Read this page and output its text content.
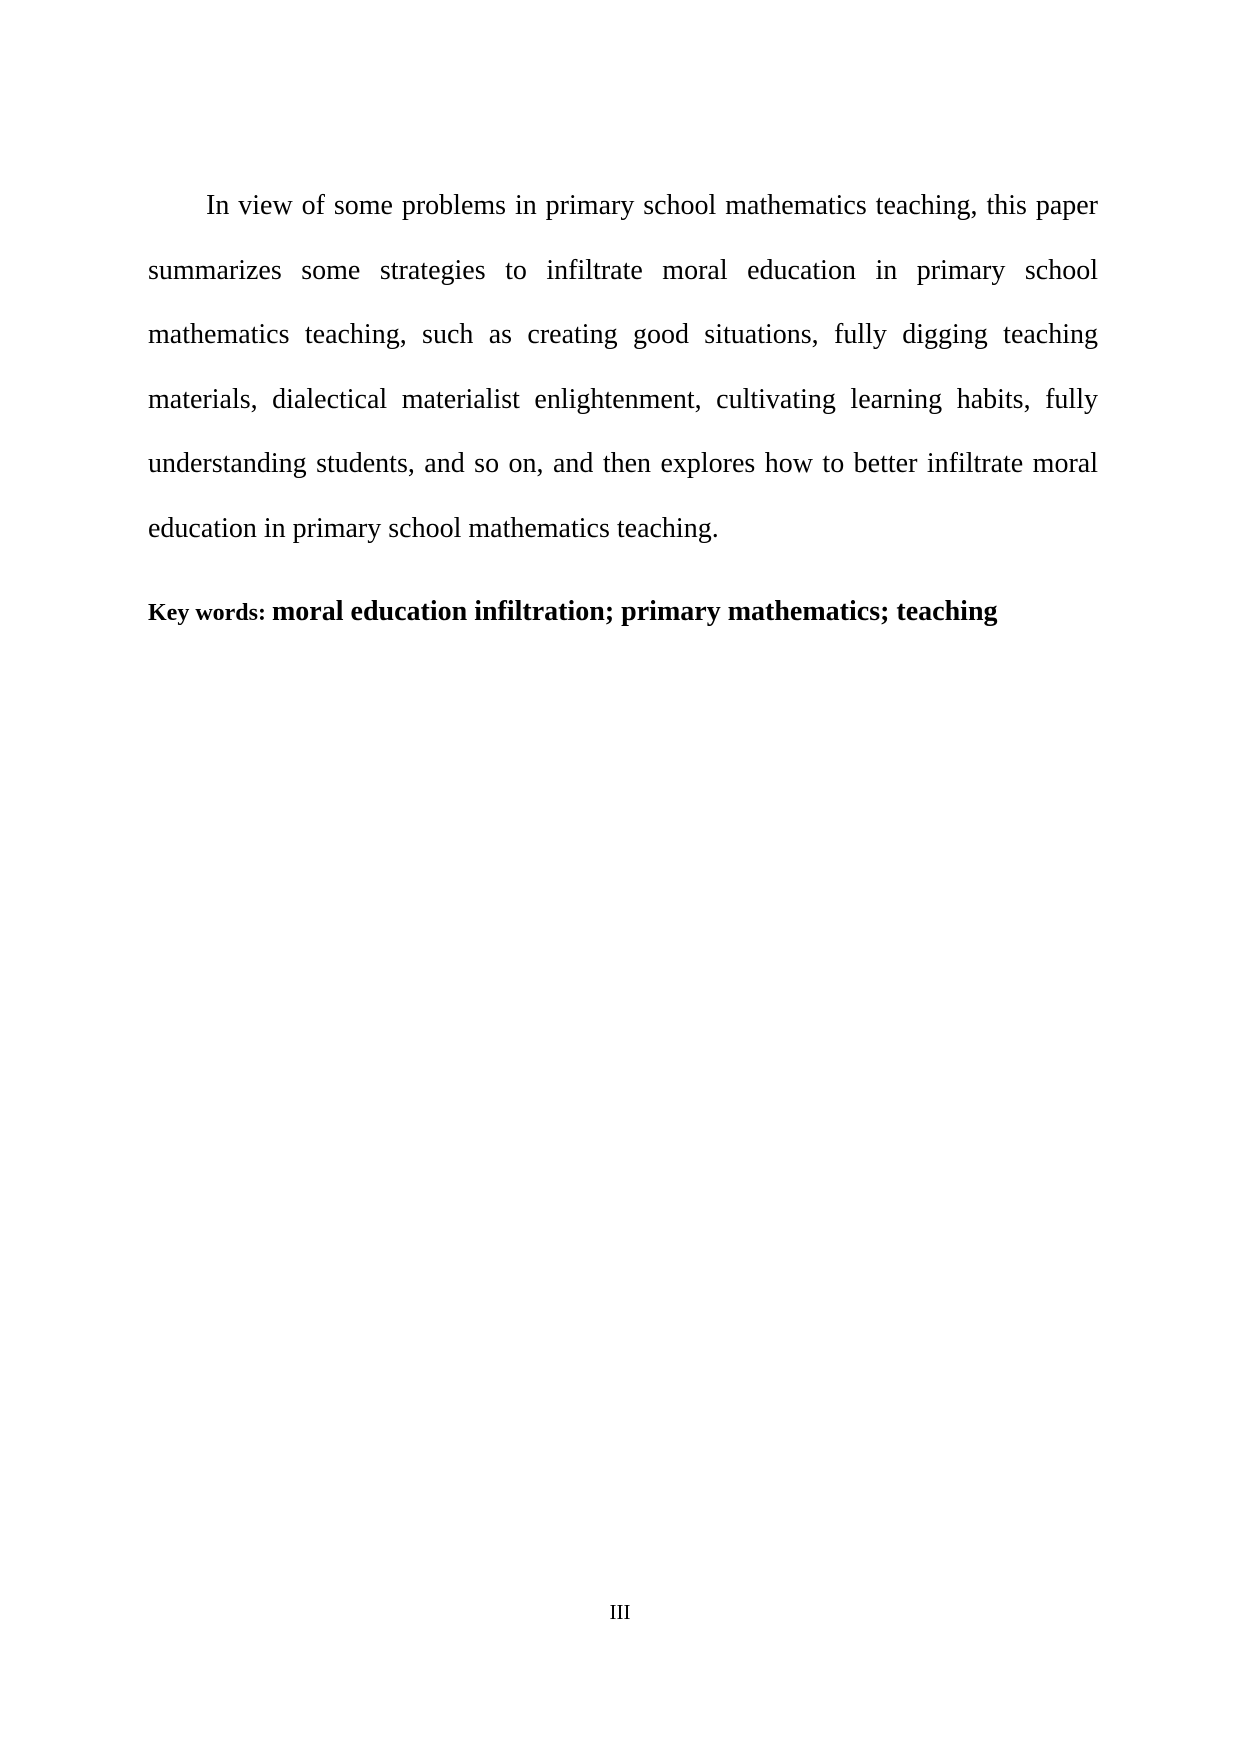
In view of some problems in primary school mathematics teaching, this paper summarizes some strategies to infiltrate moral education in primary school mathematics teaching, such as creating good situations, fully digging teaching materials, dialectical materialist enlightenment, cultivating learning habits, fully understanding students, and so on, and then explores how to better infiltrate moral education in primary school mathematics teaching.

Key words: moral education infiltration; primary mathematics; teaching

III
